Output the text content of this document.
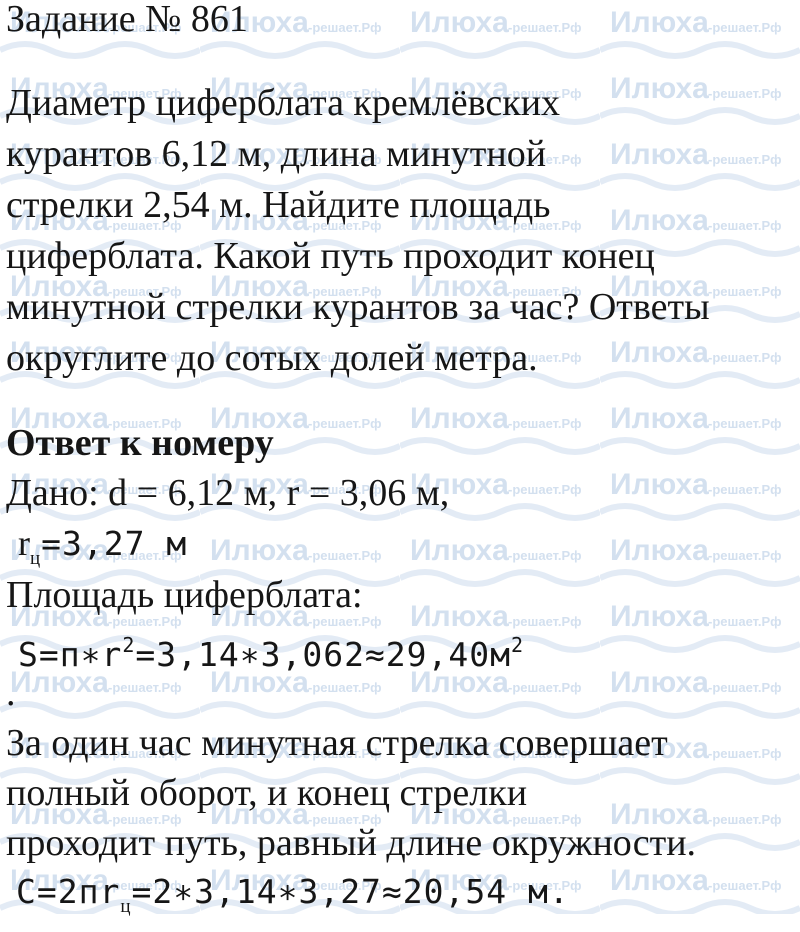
Задание № 861
Диаметр циферблата кремлёвских
курантов 6,12 м, длина минутной
стрелки 2,54 м. Найдите площадь
циферблата. Какой путь проходит конец
минутной стрелки курантов за час? Ответы
округлите до сотых долей метра.
Ответ к номеру
Дано: d = 6,12 м, r = 3,06 м,
$r_ц=3,27$ м
Площадь циферблата:
$S=п∗r^2=3,14∗3,062\approx 29,40м^2$
.
За один час минутная стрелка совершает
полный оборот, и конец стрелки
проходит путь, равный длине окружности.
$C=2пr_ц=2∗3,14∗3,27\approx 20,54$ м.
